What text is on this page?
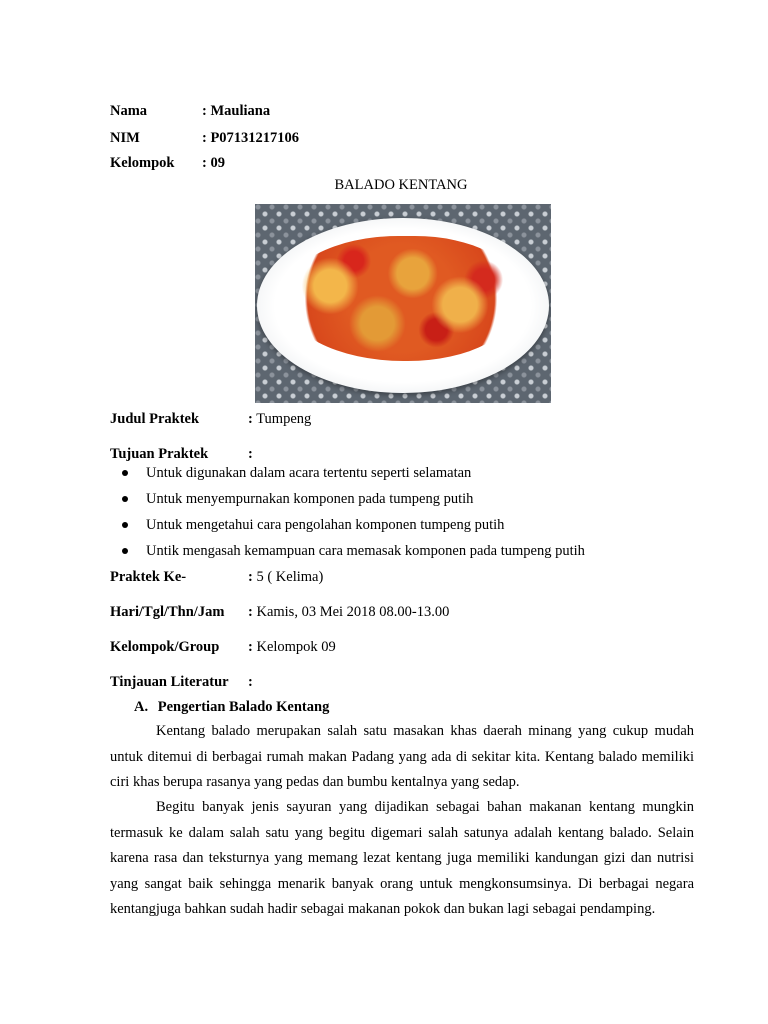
Nama	: Mauliana
NIM	: P07131217106
Kelompok : 09
BALADO KENTANG
Judul Praktek	: Tumpeng
Tujuan Praktek	:
Untuk digunakan dalam acara tertentu seperti selamatan
Untuk menyempurnakan komponen pada tumpeng putih
Untuk mengetahui cara pengolahan komponen tumpeng putih
Untik mengasah kemampuan cara memasak komponen pada tumpeng putih
Praktek Ke-	: 5 ( Kelima)
Hari/Tgl/Thn/Jam : Kamis, 03 Mei 2018 08.00-13.00
Kelompok/Group : Kelompok 09
Tinjauan Literatur :
A. Pengertian Balado Kentang

Kentang balado merupakan salah satu masakan khas daerah minang yang cukup mudah untuk ditemui di berbagai rumah makan Padang yang ada di sekitar kita. Kentang balado memiliki ciri khas berupa rasanya yang pedas dan bumbu kentalnya yang sedap.

Begitu banyak jenis sayuran yang dijadikan sebagai bahan makanan kentang mungkin termasuk ke dalam salah satu yang begitu digemari salah satunya adalah kentang balado. Selain karena rasa dan teksturnya yang memang lezat kentang juga memiliki kandungan gizi dan nutrisi yang sangat baik sehingga menarik banyak orang untuk mengkonsumsinya. Di berbagai negara kentangjuga bahkan sudah hadir sebagai makanan pokok dan bukan lagi sebagai pendamping.
